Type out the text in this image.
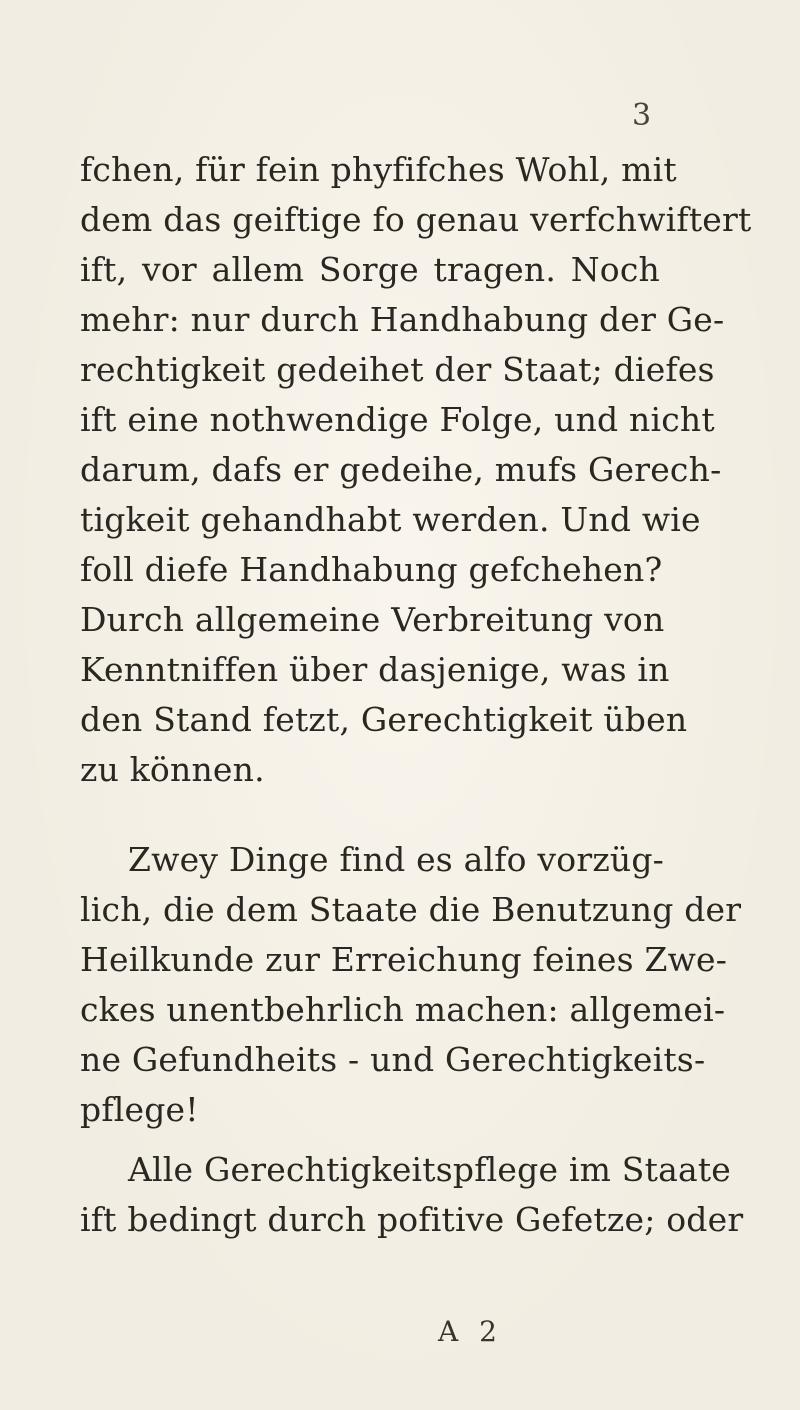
3
fchen, für fein phyfifches Wohl, mit
dem das geiftige fo genau verfchwiftert
ift, vor allem Sorge tragen. Noch
mehr: nur durch Handhabung der Ge-
rechtigkeit gedeihet der Staat; diefes
ift eine nothwendige Folge, und nicht
darum, dafs er gedeihe, mufs Gerech-
tigkeit gehandhabt werden. Und wie
foll diefe Handhabung gefchehen?
Durch allgemeine Verbreitung von
Kenntniffen über dasjenige, was in
den Stand fetzt, Gerechtigkeit üben
zu können.
Zwey Dinge find es alfo vorzüg-
lich, die dem Staate die Benutzung der
Heilkunde zur Erreichung feines Zwe-
ckes unentbehrlich machen: allgemei-
ne Gefundheits - und Gerechtigkeits-
pflege!
Alle Gerechtigkeitspflege im Staate
ift bedingt durch pofitive Gefetze; oder
A 2
